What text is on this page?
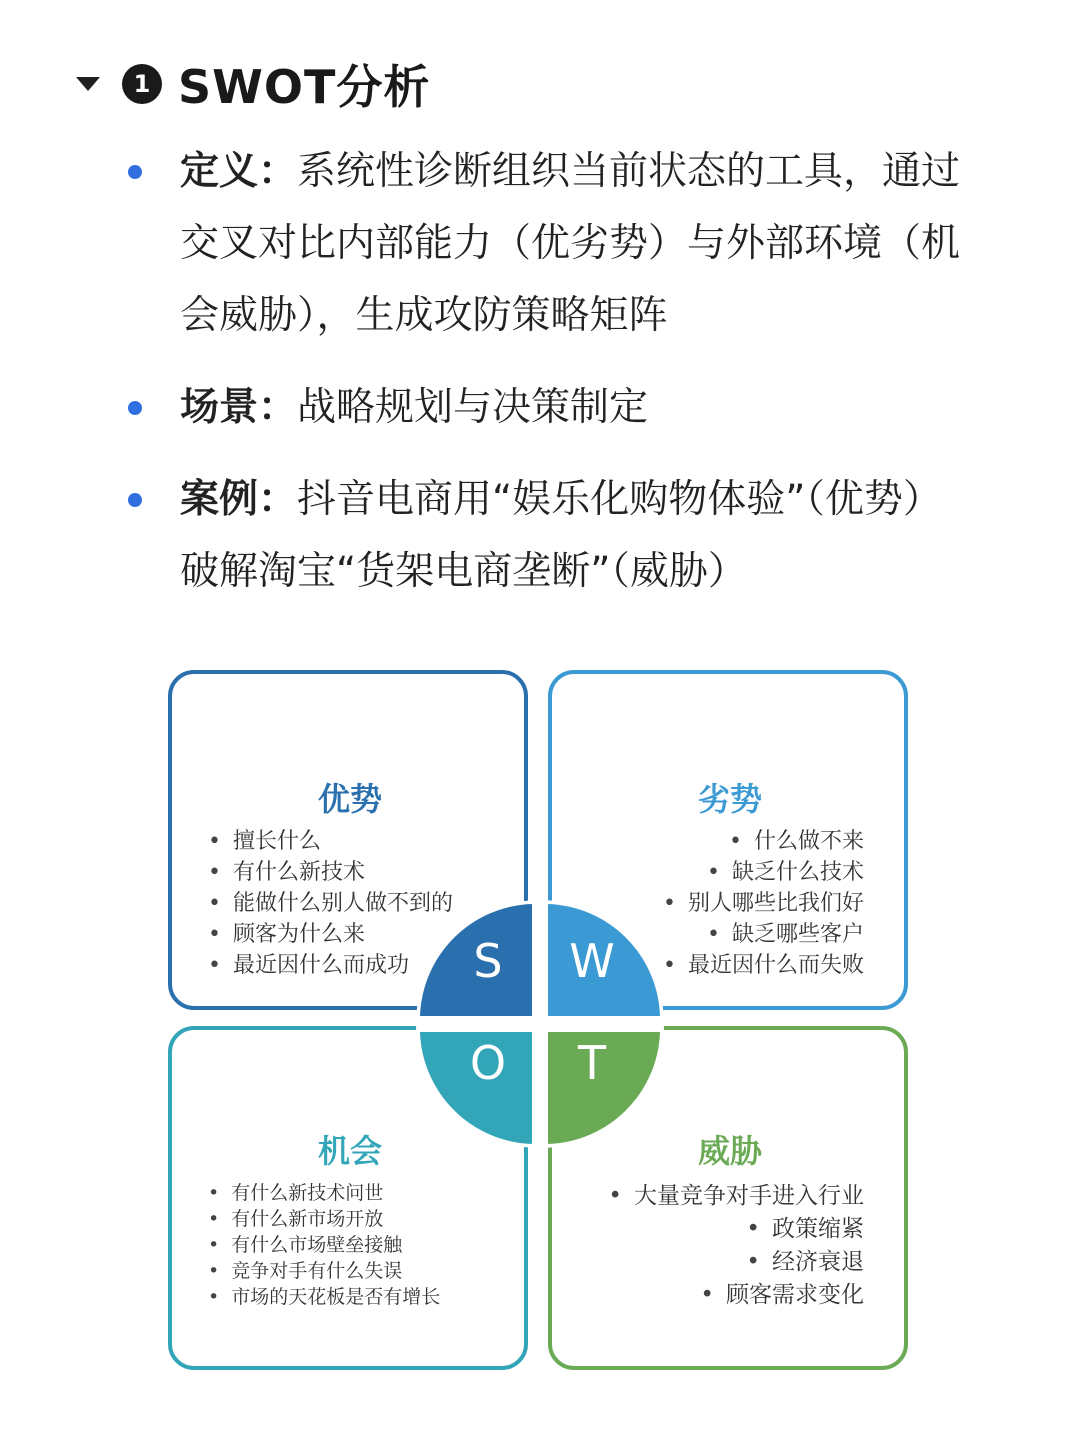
1 SWOT分析
定义：系统性诊断组织当前状态的工具，通过交叉对比内部能力（优劣势）与外部环境（机会威胁），生成攻防策略矩阵
场景：战略规划与决策制定
案例：抖音电商用“娱乐化购物体验”（优势）破解淘宝“货架电商垄断”（威胁）
优势
• 擅长什么
• 有什么新技术
• 能做什么别人做不到的
• 顾客为什么来
• 最近因什么而成功
劣势
• 什么做不来
• 缺乏什么技术
• 别人哪些比我们好
• 缺乏哪些客户
• 最近因什么而失败
机会
• 有什么新技术问世
• 有什么新市场开放
• 有什么市场壁垒接触
• 竞争对手有什么失误
• 市场的天花板是否有增长
威胁
• 大量竞争对手进入行业
• 政策缩紧
• 经济衰退
• 顾客需求变化
S	W
O	T
